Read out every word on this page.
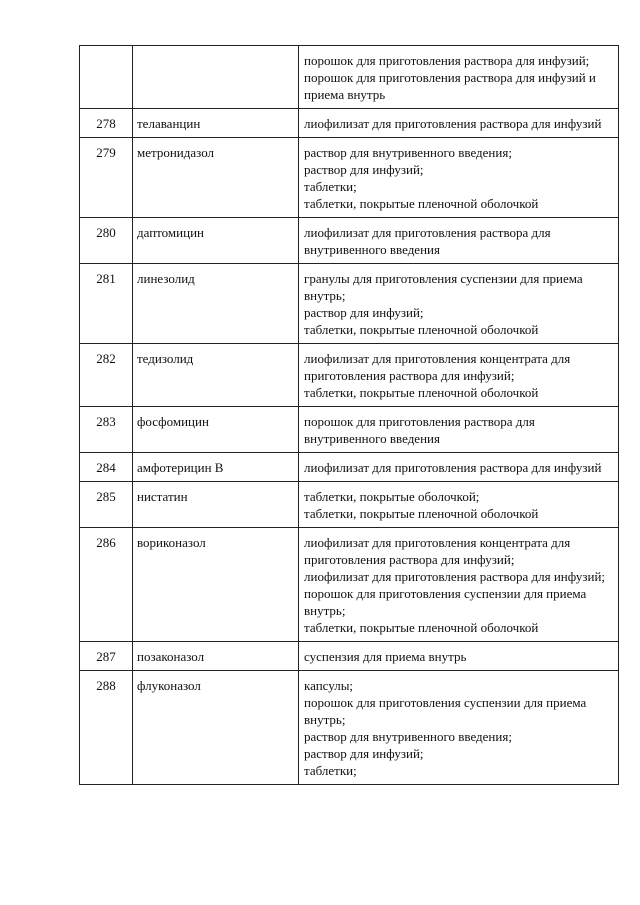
		порошок для приготовления раствора для инфузий;
порошок для приготовления раствора для инфузий и приема внутрь

278	телаванцин	лиофилизат для приготовления раствора для инфузий

279	метронидазол	раствор для внутривенного введения;
раствор для инфузий;
таблетки;
таблетки, покрытые пленочной оболочкой

280	даптомицин	лиофилизат для приготовления раствора для внутривенного введения

281	линезолид	гранулы для приготовления суспензии для приема внутрь;
раствор для инфузий;
таблетки, покрытые пленочной оболочкой

282	тедизолид	лиофилизат для приготовления концентрата для приготовления раствора для инфузий;
таблетки, покрытые пленочной оболочкой

283	фосфомицин	порошок для приготовления раствора для внутривенного введения

284	амфотерицин B	лиофилизат для приготовления раствора для инфузий

285	нистатин	таблетки, покрытые оболочкой;
таблетки, покрытые пленочной оболочкой

286	вориконазол	лиофилизат для приготовления концентрата для приготовления раствора для инфузий;
лиофилизат для приготовления раствора для инфузий;
порошок для приготовления суспензии для приема внутрь;
таблетки, покрытые пленочной оболочкой

287	позаконазол	суспензия для приема внутрь

288	флуконазол	капсулы;
порошок для приготовления суспензии для приема внутрь;
раствор для внутривенного введения;
раствор для инфузий;
таблетки;
